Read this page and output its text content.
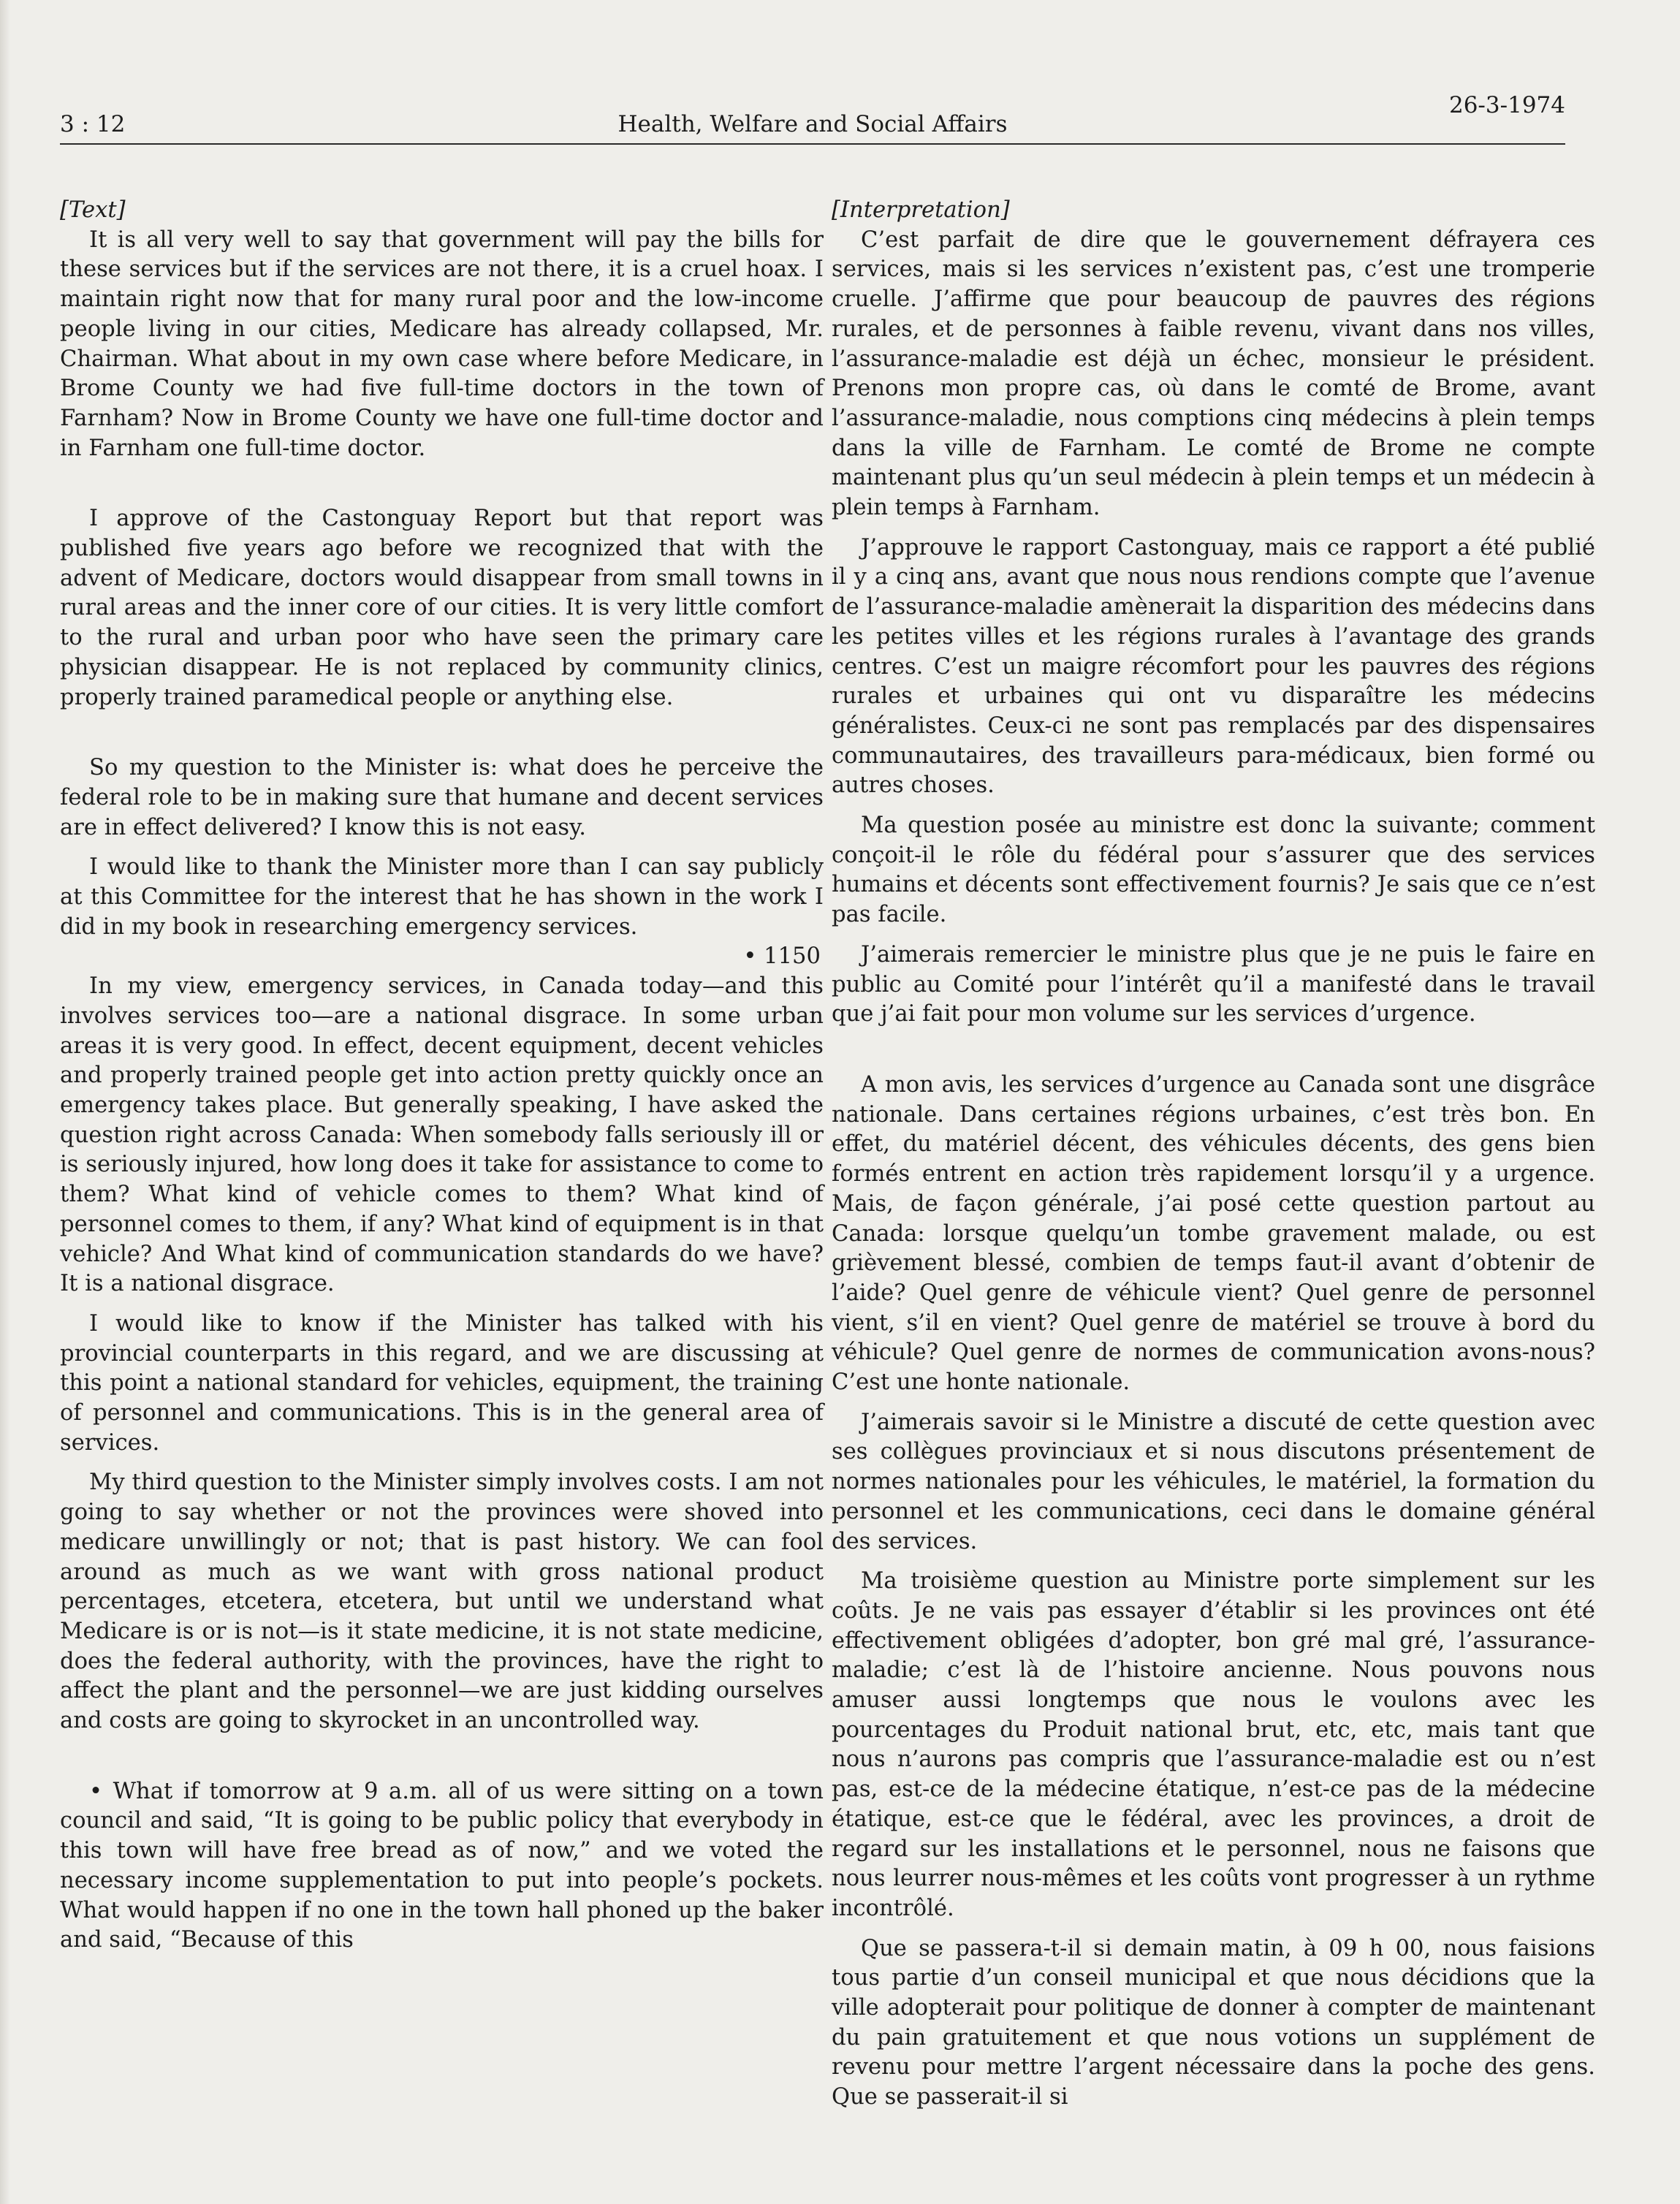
3 : 12	Health, Welfare and Social Affairs
26-3-1974

[Text]

It is all very well to say that government will pay the bills for these services but if the services are not there, it is a cruel hoax. I maintain right now that for many rural poor and the low-income people living in our cities, Medicare has already collapsed, Mr. Chairman. What about in my own case where before Medicare, in Brome County we had five full-time doctors in the town of Farnham? Now in Brome County we have one full-time doctor and in Farnham one full-time doctor.

I approve of the Castonguay Report but that report was published five years ago before we recognized that with the advent of Medicare, doctors would disappear from small towns in rural areas and the inner core of our cities. It is very little comfort to the rural and urban poor who have seen the primary care physician disappear. He is not replaced by community clinics, properly trained paramedical people or anything else.

So my question to the Minister is: what does he perceive the federal role to be in making sure that humane and decent services are in effect delivered? I know this is not easy.

I would like to thank the Minister more than I can say publicly at this Committee for the interest that he has shown in the work I did in my book in researching emergency services.

• 1150

In my view, emergency services, in Canada today—and this involves services too—are a national disgrace. In some urban areas it is very good. In effect, decent equipment, decent vehicles and properly trained people get into action pretty quickly once an emergency takes place. But generally speaking, I have asked the question right across Canada: When somebody falls seriously ill or is seriously injured, how long does it take for assistance to come to them? What kind of vehicle comes to them? What kind of personnel comes to them, if any? What kind of equipment is in that vehicle? And What kind of communication standards do we have? It is a national disgrace.

I would like to know if the Minister has talked with his provincial counterparts in this regard, and we are discussing at this point a national standard for vehicles, equipment, the training of personnel and communications. This is in the general area of services.

My third question to the Minister simply involves costs. I am not going to say whether or not the provinces were shoved into medicare unwillingly or not; that is past history. We can fool around as much as we want with gross national product percentages, etcetera, etcetera, but until we understand what Medicare is or is not—is it state medicine, it is not state medicine, does the federal authority, with the provinces, have the right to affect the plant and the personnel—we are just kidding ourselves and costs are going to skyrocket in an uncontrolled way.

• What if tomorrow at 9 a.m. all of us were sitting on a town council and said, “It is going to be public policy that everybody in this town will have free bread as of now,” and we voted the necessary income supplementation to put into people’s pockets. What would happen if no one in the town hall phoned up the baker and said, “Because of this

[Interpretation]

C’est parfait de dire que le gouvernement défrayera ces services, mais si les services n’existent pas, c’est une tromperie cruelle. J’affirme que pour beaucoup de pauvres des régions rurales, et de personnes à faible revenu, vivant dans nos villes, l’assurance-maladie est déjà un échec, monsieur le président. Prenons mon propre cas, où dans le comté de Brome, avant l’assurance-maladie, nous comptions cinq médecins à plein temps dans la ville de Farnham. Le comté de Brome ne compte maintenant plus qu’un seul médecin à plein temps et un médecin à plein temps à Farnham.

J’approuve le rapport Castonguay, mais ce rapport a été publié il y a cinq ans, avant que nous nous rendions compte que l’avenue de l’assurance-maladie amènerait la disparition des médecins dans les petites villes et les régions rurales à l’avantage des grands centres. C’est un maigre récomfort pour les pauvres des régions rurales et urbaines qui ont vu disparaître les médecins généralistes. Ceux-ci ne sont pas remplacés par des dispensaires communautaires, des travailleurs para-médicaux, bien formé ou autres choses.

Ma question posée au ministre est donc la suivante; comment conçoit-il le rôle du fédéral pour s’assurer que des services humains et décents sont effectivement fournis? Je sais que ce n’est pas facile.

J’aimerais remercier le ministre plus que je ne puis le faire en public au Comité pour l’intérêt qu’il a manifesté dans le travail que j’ai fait pour mon volume sur les services d’urgence.

A mon avis, les services d’urgence au Canada sont une disgrâce nationale. Dans certaines régions urbaines, c’est très bon. En effet, du matériel décent, des véhicules décents, des gens bien formés entrent en action très rapidement lorsqu’il y a urgence. Mais, de façon générale, j’ai posé cette question partout au Canada: lorsque quelqu’un tombe gravement malade, ou est grièvement blessé, combien de temps faut-il avant d’obtenir de l’aide? Quel genre de véhicule vient? Quel genre de personnel vient, s’il en vient? Quel genre de matériel se trouve à bord du véhicule? Quel genre de normes de communication avons-nous? C’est une honte nationale.

J’aimerais savoir si le Ministre a discuté de cette question avec ses collègues provinciaux et si nous discutons présentement de normes nationales pour les véhicules, le matériel, la formation du personnel et les communications, ceci dans le domaine général des services.

Ma troisième question au Ministre porte simplement sur les coûts. Je ne vais pas essayer d’établir si les provinces ont été effectivement obligées d’adopter, bon gré mal gré, l’assurance-maladie; c’est là de l’histoire ancienne. Nous pouvons nous amuser aussi longtemps que nous le voulons avec les pourcentages du Produit national brut, etc, etc, mais tant que nous n’aurons pas compris que l’assurance-maladie est ou n’est pas, est-ce de la médecine étatique, n’est-ce pas de la médecine étatique, est-ce que le fédéral, avec les provinces, a droit de regard sur les installations et le personnel, nous ne faisons que nous leurrer nous-mêmes et les coûts vont progresser à un rythme incontrôlé.

Que se passera-t-il si demain matin, à 09 h 00, nous faisions tous partie d’un conseil municipal et que nous décidions que la ville adopterait pour politique de donner à compter de maintenant du pain gratuitement et que nous votions un supplément de revenu pour mettre l’argent nécessaire dans la poche des gens. Que se passerait-il si
